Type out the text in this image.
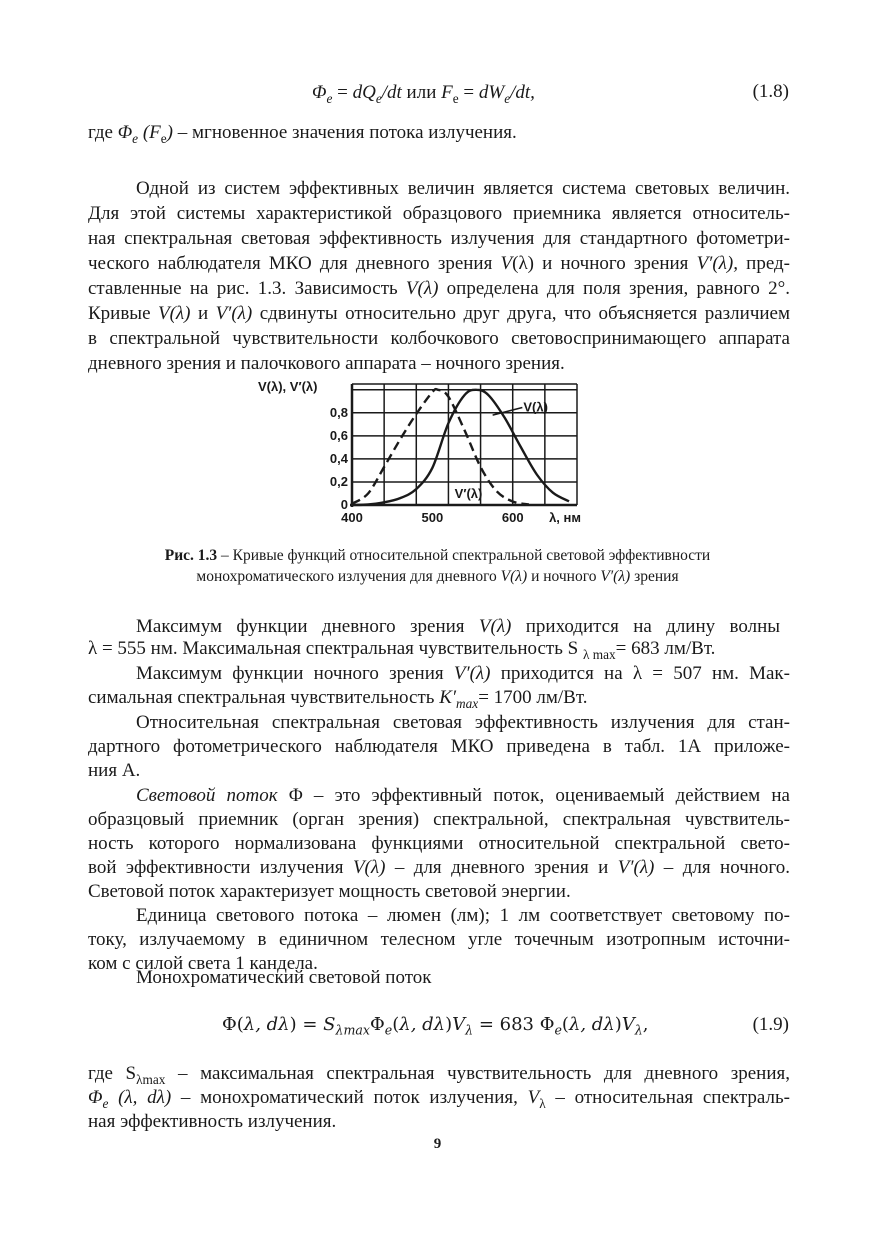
$\Phi_e = dQ_e/dt$ или $F_e = dW_e/dt$,	(1.8)
где $\Phi_e$ $(F_e)$ – мгновенное значения потока излучения.
Одной из систем эффективных величин является система световых величин.
Для этой системы характеристикой образцового приемника является относитель-
ная спектральная световая эффективность излучения для стандартного фотометри-
ческого наблюдателя МКО для дневного зрения V(λ) и ночного зрения V′(λ), пред-
ставленные на рис. 1.3. Зависимость V(λ) определена для поля зрения, равного 2°.
Кривые V(λ) и V′(λ) сдвинуты относительно друг друга, что объясняется различием
в спектральной чувствительности колбочкового световоспринимающего аппарата
дневного зрения и палочкового аппарата – ночного зрения.
0
0,2
0,4
0,6
0,8
400	500	600
V(λ), V′(λ)
λ, нм
V(λ)
V′(λ)
Рис. 1.3 – Кривые функций относительной спектральной световой эффективности
монохроматического излучения для дневного V(λ) и ночного V′(λ) зрения
Максимум функции дневного зрения V(λ) приходится на длину волны
λ = 555 нм. Максимальная спектральная чувствительность S $_{\lambda max}$= 683 лм/Вт.
Максимум функции ночного зрения V′(λ) приходится на λ = 507 нм. Мак-
симальная спектральная чувствительность $K'_{max}= 1700$ лм/Вт.
Относительная спектральная световая эффективность излучения для стан-
дартного фотометрического наблюдателя МКО приведена в табл. 1А приложе-
ния А.
Световой поток Φ – это эффективный поток, оцениваемый действием на
образцовый приемник (орган зрения) спектральной, спектральная чувствитель-
ность которого нормализована функциями относительной спектральной свето-
вой эффективности излучения V(λ) – для дневного зрения и V′(λ) – для ночного.
Световой поток характеризует мощность световой энергии.
Единица светового потока – люмен (лм); 1 лм соответствует световому по-
току, излучаемому в единичном телесном угле точечным изотропным источни-
ком с силой света 1 кандела.
Монохроматический световой поток
Φ(λ, $d\lambda) = S_{\lambda max}\Phi_e(\lambda$, $d\lambda)V_\lambda = 683$ $\Phi_e(\lambda$, $d\lambda)V_\lambda$,	(1.9)
где $S_{\lambda max}$ – максимальная спектральная чувствительность для дневного зрения,
$\Phi_e$ (λ, dλ) – монохроматический поток излучения, $V_\lambda$ – относительная спектраль-
ная эффективность излучения.
9
